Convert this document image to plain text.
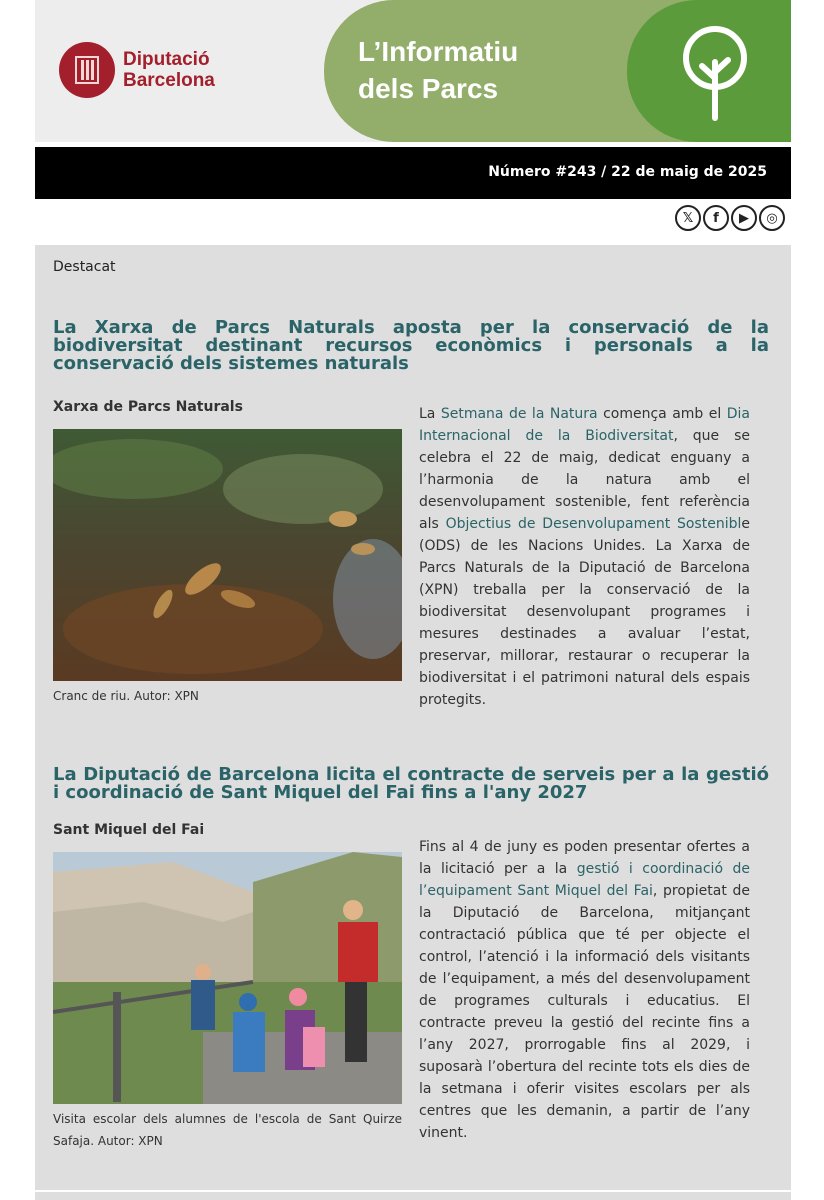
Diputació
Barcelona
L’Informatiu
dels Parcs
Número #243 / 22 de maig de 2025
𝕏	f	▶	◎
Destacat
La Xarxa de Parcs Naturals aposta per la conservació de la biodiversitat destinant recursos econòmics i personals a la conservació dels sistemes naturals
Xarxa de Parcs Naturals
Cranc de riu. Autor: XPN
La Setmana de la Natura comença amb el Dia Internacional de la Biodiversitat, que se celebra el 22 de maig, dedicat enguany a l’harmonia de la natura amb el desenvolupament sostenible, fent referència als Objectius de Desenvolupament Sostenible (ODS) de les Nacions Unides. La Xarxa de Parcs Naturals de la Diputació de Barcelona (XPN) treballa per la conservació de la biodiversitat desenvolupant programes i mesures destinades a avaluar l’estat, preservar, millorar, restaurar o recuperar la biodiversitat i el patrimoni natural dels espais protegits.
La Diputació de Barcelona licita el contracte de serveis per a la gestió i coordinació de Sant Miquel del Fai fins a l'any 2027
Sant Miquel del Fai
Visita escolar dels alumnes de l'escola de Sant Quirze Safaja. Autor: XPN
Fins al 4 de juny es poden presentar ofertes a la licitació per a la gestió i coordinació de l’equipament Sant Miquel del Fai, propietat de la Diputació de Barcelona, mitjançant contractació pública que té per objecte el control, l’atenció i la informació dels visitants de l’equipament, a més del desenvolupament de programes culturals i educatius. El contracte preveu la gestió del recinte fins a l’any 2027, prorrogable fins al 2029, i suposarà l’obertura del recinte tots els dies de la setmana i oferir visites escolars per als centres que les demanin, a partir de l’any vinent.
